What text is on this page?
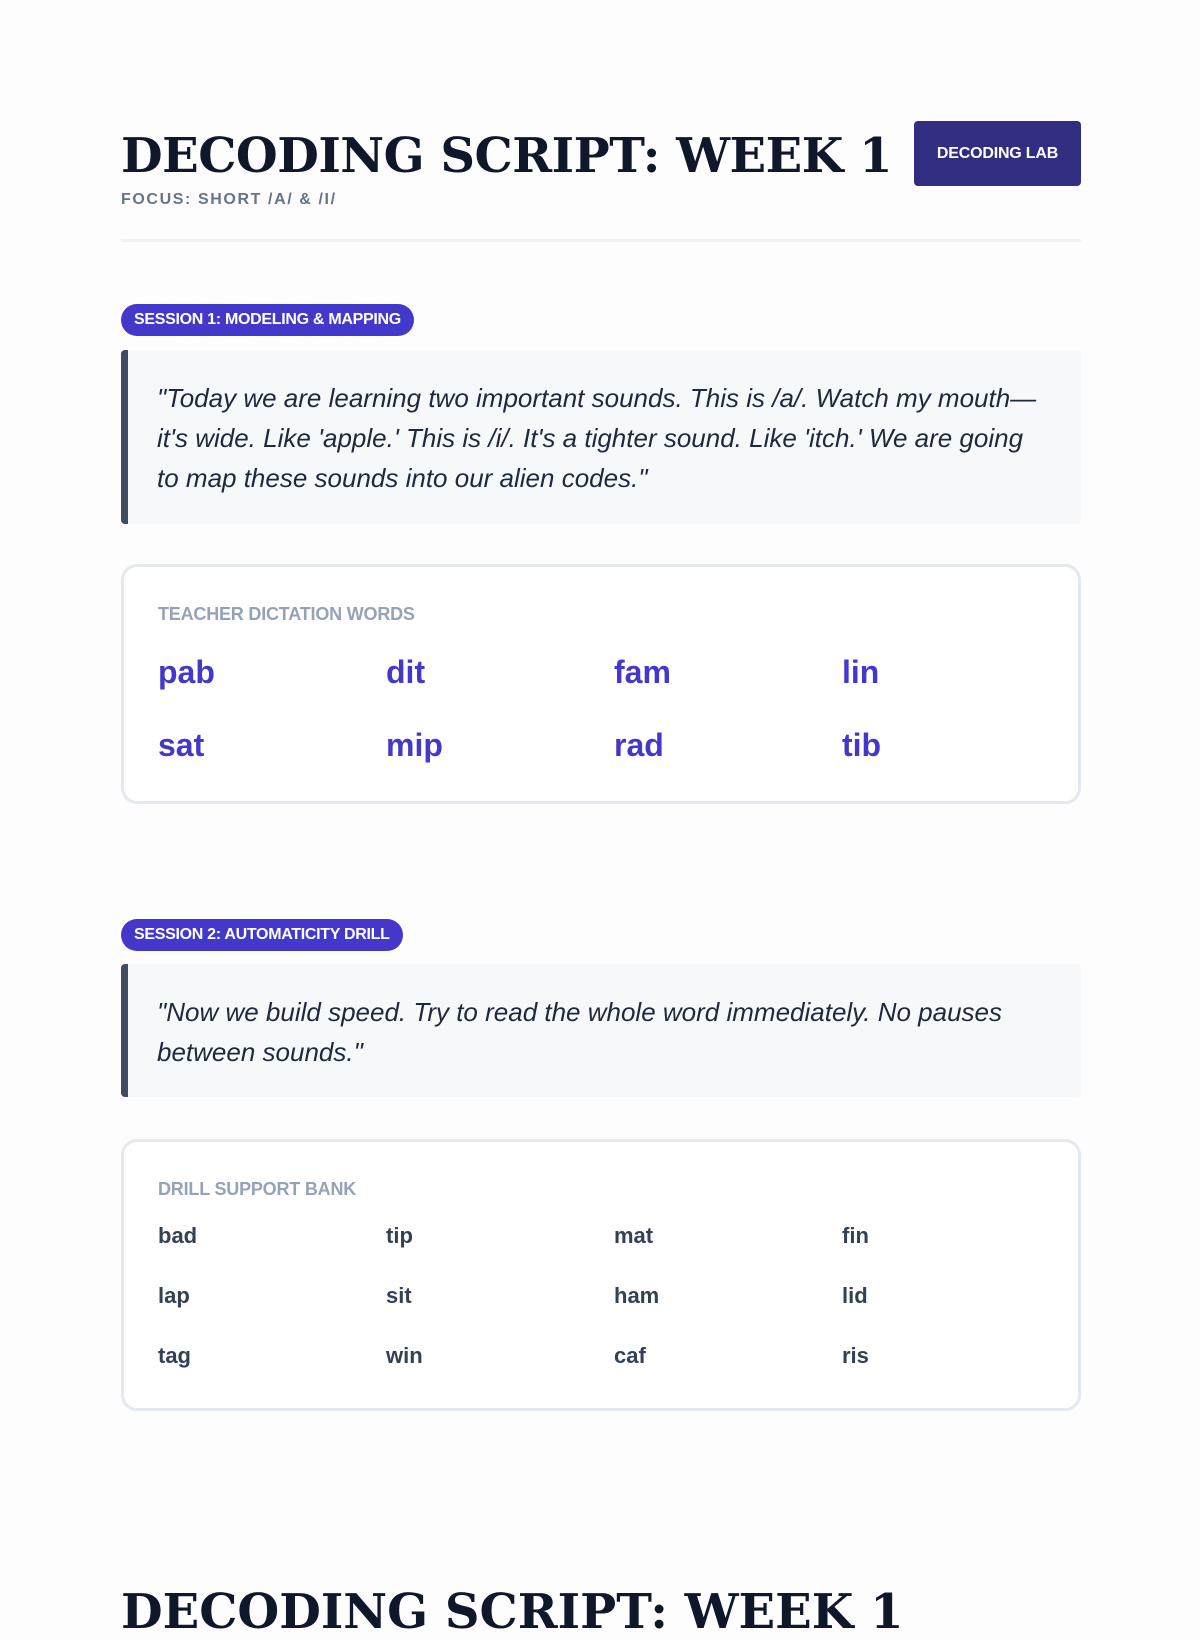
DECODING SCRIPT: WEEK 1
FOCUS: SHORT /A/ & /I/
DECODING LAB
SESSION 1: MODELING & MAPPING
"Today we are learning two important sounds. This is /a/. Watch my mouth—it's wide. Like 'apple.' This is /i/. It's a tighter sound. Like 'itch.' We are going to map these sounds into our alien codes."
TEACHER DICTATION WORDS
pab	dit	fam	lin
sat	mip	rad	tib
SESSION 2: AUTOMATICITY DRILL
"Now we build speed. Try to read the whole word immediately. No pauses between sounds."
DRILL SUPPORT BANK
bad	tip	mat	fin
lap	sit	ham	lid
tag	win	caf	ris
DECODING SCRIPT: WEEK 1
